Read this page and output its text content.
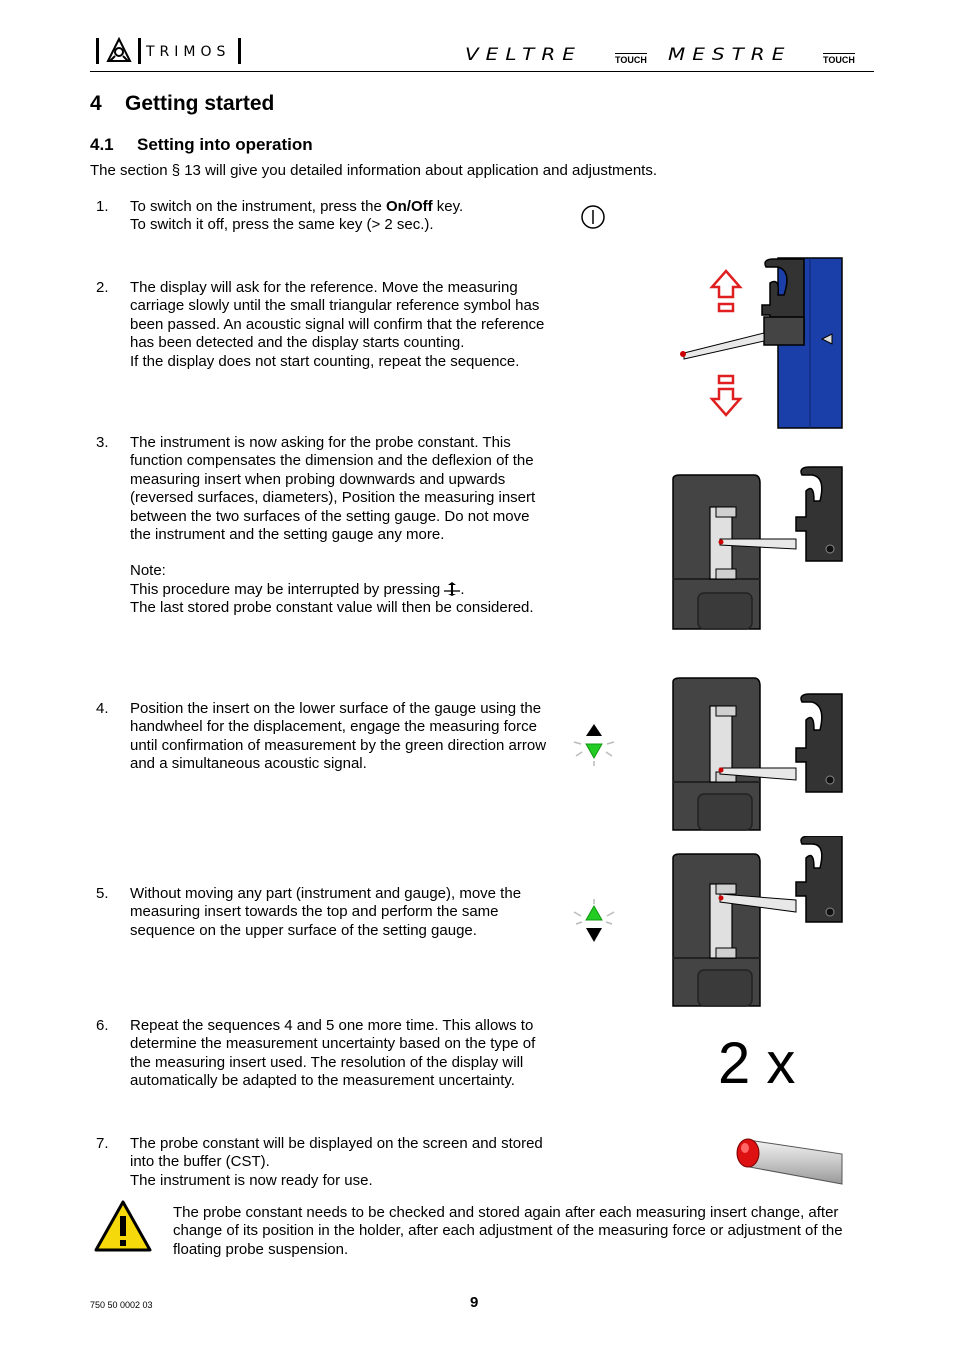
TRIMOS	VELTRE	TOUCH MESTRE	TOUCH
4 Getting started
4.1 Setting into operation
The section § 13 will give you detailed information about application and adjustments.
1. To switch on the instrument, press the On/Off key.

To switch it off, press the same key (> 2 sec.).

2. The display will ask for the reference. Move the measuring carriage slowly until the small triangular reference symbol has been passed. An acoustic signal will confirm that the reference has been detected and the display starts counting.

If the display does not start counting, repeat the sequence.

3. The instrument is now asking for the probe constant. This function compensates the dimension and the deflexion of the measuring insert when probing downwards and upwards (reversed surfaces, diameters), Position the measuring insert between the two surfaces of the setting gauge. Do not move the instrument and the setting gauge any more.

Note:

This procedure may be interrupted by pressing .

The last stored probe constant value will then be considered.

4. Position the insert on the lower surface of the gauge using the handwheel for the displacement, engage the measuring force until confirmation of measurement by the green direction arrow and a simultaneous acoustic signal.

5. Without moving any part (instrument and gauge), move the measuring insert towards the top and perform the same sequence on the upper surface of the setting gauge.

6. Repeat the sequences 4 and 5 one more time. This allows to determine the measurement uncertainty based on the type of the measuring insert used. The resolution of the display will automatically be adapted to the measurement uncertainty.	2 x
7. The probe constant will be displayed on the screen and stored into the buffer (CST).

The instrument is now ready for use.

The probe constant needs to be checked and stored again after each measuring insert change, after change of its position in the holder, after each adjustment of the measuring force or adjustment of the floating probe suspension.
750 50 0002 03	9
